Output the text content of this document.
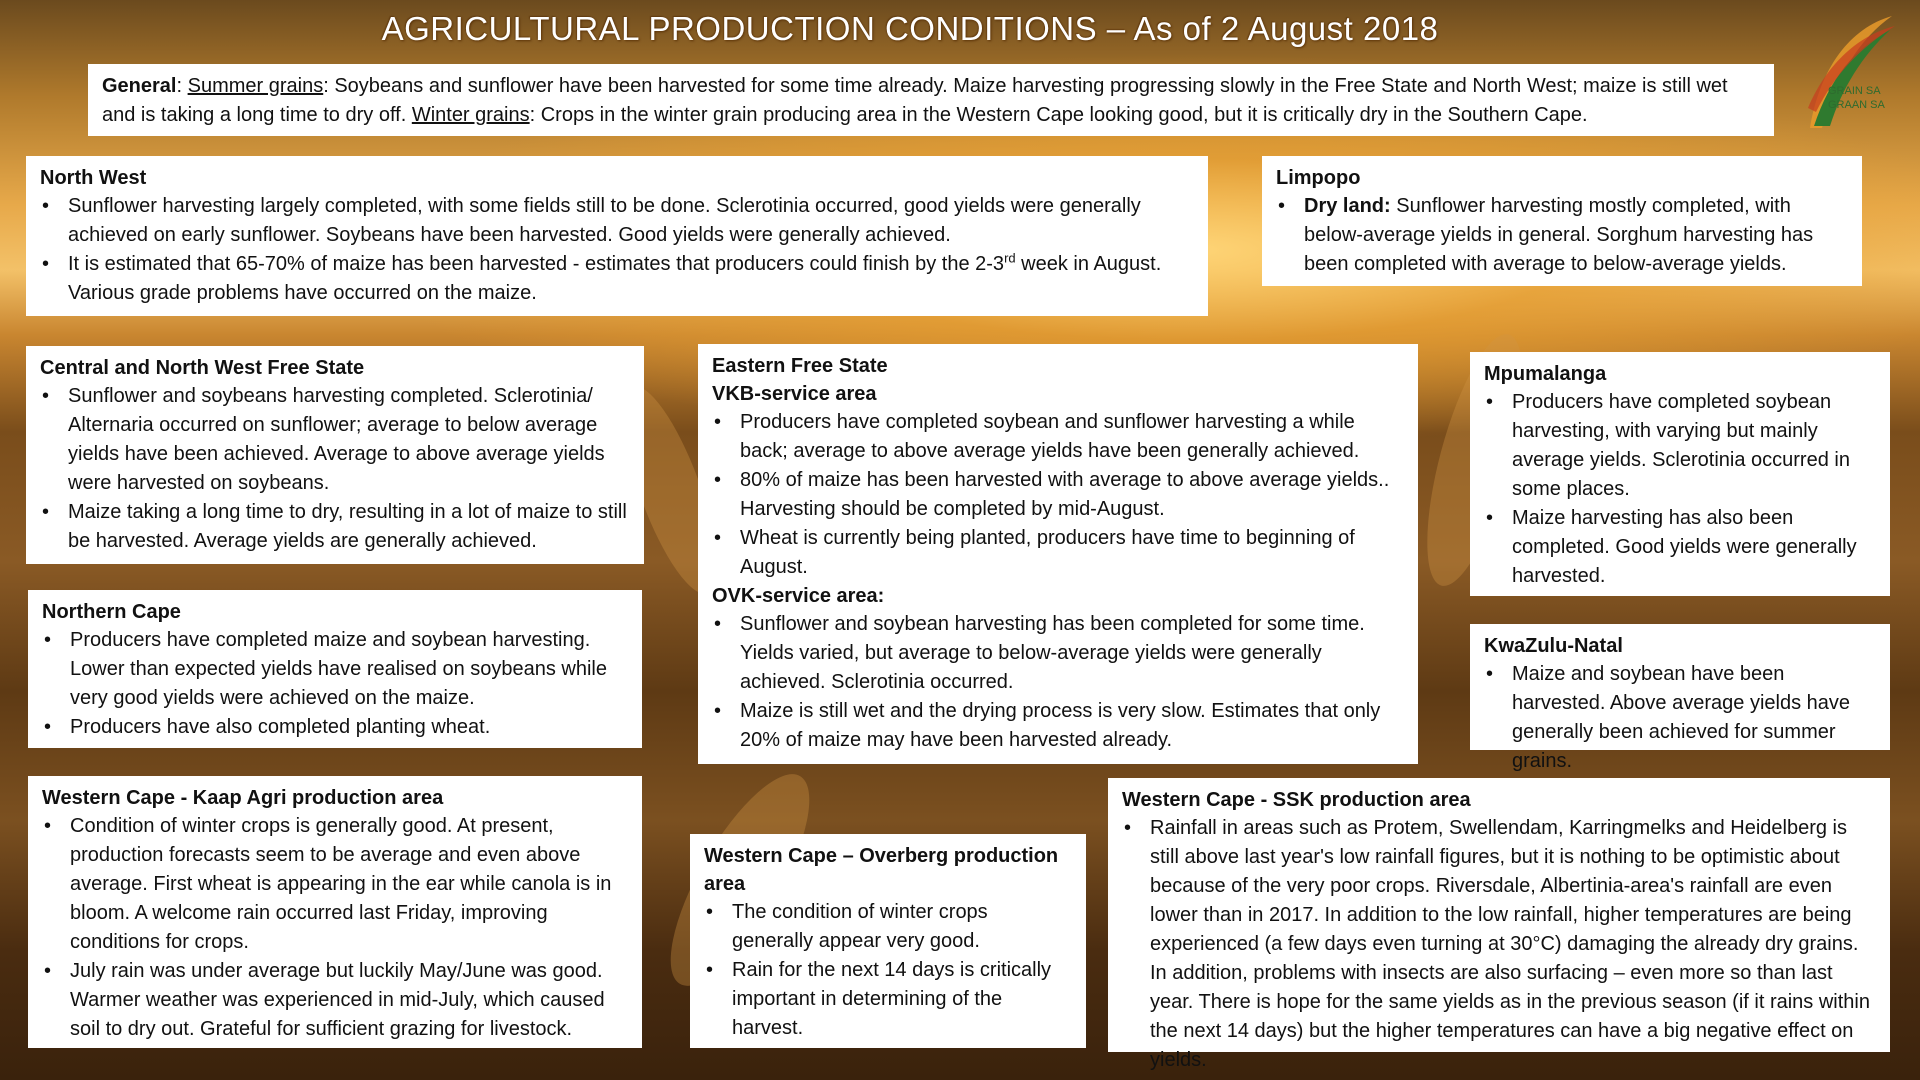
AGRICULTURAL PRODUCTION CONDITIONS – As of 2 August 2018
GRAIN SA
GRAAN SA

General: Summer grains: Soybeans and sunflower have been harvested for some time already. Maize harvesting progressing slowly in the Free State and North West; maize is still wet and is taking a long time to dry off. Winter grains: Crops in the winter grain producing area in the Western Cape looking good, but it is critically dry in the Southern Cape.

North West
• Sunflower harvesting largely completed, with some fields still to be done. Sclerotinia occurred, good yields were generally achieved on early sunflower. Soybeans have been harvested. Good yields were generally achieved.
• It is estimated that 65-70% of maize has been harvested - estimates that producers could finish by the 2-3rd week in August. Various grade problems have occurred on the maize.
Limpopo
• Dry land: Sunflower harvesting mostly completed, with below-average yields in general. Sorghum harvesting has been completed with average to below-average yields.
Central and North West Free State
• Sunflower and soybeans harvesting completed. Sclerotinia/ Alternaria occurred on sunflower; average to below average yields have been achieved. Average to above average yields were harvested on soybeans.
• Maize taking a long time to dry, resulting in a lot of maize to still be harvested. Average yields are generally achieved.
Eastern Free State
VKB-service area
• Producers have completed soybean and sunflower harvesting a while back; average to above average yields have been generally achieved.
• 80% of maize has been harvested with average to above average yields.. Harvesting should be completed by mid-August.
• Wheat is currently being planted, producers have time to beginning of August.
OVK-service area:
• Sunflower and soybean harvesting has been completed for some time. Yields varied, but average to below-average yields were generally achieved. Sclerotinia occurred.
• Maize is still wet and the drying process is very slow. Estimates that only 20% of maize may have been harvested already.
Mpumalanga
• Producers have completed soybean harvesting, with varying but mainly average yields. Sclerotinia occurred in some places.
• Maize harvesting has also been completed. Good yields were generally harvested.
Northern Cape
• Producers have completed maize and soybean harvesting. Lower than expected yields have realised on soybeans while very good yields were achieved on the maize.
• Producers have also completed planting wheat.
KwaZulu-Natal
• Maize and soybean have been harvested. Above average yields have generally been achieved for summer grains.
Western Cape - Kaap Agri production area
• Condition of winter crops is generally good. At present, production forecasts seem to be average and even above average. First wheat is appearing in the ear while canola is in bloom. A welcome rain occurred last Friday, improving conditions for crops.
• July rain was under average but luckily May/June was good. Warmer weather was experienced in mid-July, which caused soil to dry out. Grateful for sufficient grazing for livestock.
Western Cape – Overberg production area
• The condition of winter crops generally appear very good.
• Rain for the next 14 days is critically important in determining of the harvest.
Western Cape - SSK production area
• Rainfall in areas such as Protem, Swellendam, Karringmelks and Heidelberg is still above last year's low rainfall figures, but it is nothing to be optimistic about because of the very poor crops. Riversdale, Albertinia-area's rainfall are even lower than in 2017. In addition to the low rainfall, higher temperatures are being experienced (a few days even turning at 30°C) damaging the already dry grains. In addition, problems with insects are also surfacing – even more so than last year. There is hope for the same yields as in the previous season (if it rains within the next 14 days) but the higher temperatures can have a big negative effect on yields.
